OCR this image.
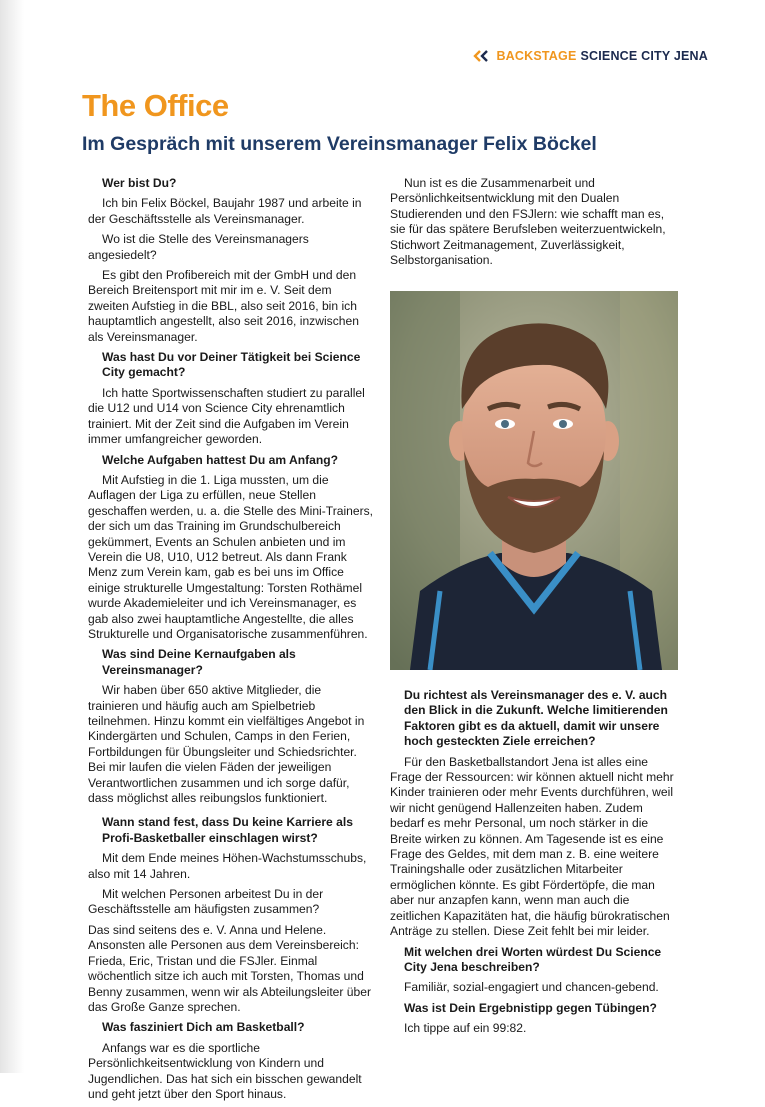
BACKSTAGE SCIENCE CITY JENA
The Office
Im Gespräch mit unserem Vereinsmanager Felix Böckel

Wer bist Du?

Ich bin Felix Böckel, Baujahr 1987 und arbeite in der Geschäftsstelle als Vereinsmanager.

Wo ist die Stelle des Vereinsmanagers angesiedelt?

Es gibt den Profibereich mit der GmbH und den Bereich Breitensport mit mir im e. V. Seit dem zweiten Aufstieg in die BBL, also seit 2016, bin ich hauptamtlich angestellt, also seit 2016, inzwischen als Vereinsmanager.

Was hast Du vor Deiner Tätigkeit bei Science City gemacht?

Ich hatte Sportwissenschaften studiert zu parallel die U12 und U14 von Science City ehrenamtlich trainiert. Mit der Zeit sind die Aufgaben im Verein immer umfangreicher geworden.

Welche Aufgaben hattest Du am Anfang?

Mit Aufstieg in die 1. Liga mussten, um die Auflagen der Liga zu erfüllen, neue Stellen geschaffen werden, u. a. die Stelle des Mini-Trainers, der sich um das Training im Grundschulbereich gekümmert, Events an Schulen anbieten und im Verein die U8, U10, U12 betreut. Als dann Frank Menz zum Verein kam, gab es bei uns im Office einige strukturelle Umgestaltung: Torsten Rothämel wurde Akademieleiter und ich Vereinsmanager, es gab also zwei hauptamtliche Angestellte, die alles Strukturelle und Organisatorische zusammenführen.

Was sind Deine Kernaufgaben als Vereinsmanager?

Wir haben über 650 aktive Mitglieder, die trainieren und häufig auch am Spielbetrieb teilnehmen. Hinzu kommt ein vielfältiges Angebot in Kindergärten und Schulen, Camps in den Ferien, Fortbildungen für Übungsleiter und Schiedsrichter. Bei mir laufen die vielen Fäden der jeweiligen Verantwortlichen zusammen und ich sorge dafür, dass möglichst alles reibungslos funktioniert.

Wann stand fest, dass Du keine Karriere als Profi-Basketballer einschlagen wirst?

Mit dem Ende meines Höhen-Wachstumsschubs, also mit 14 Jahren.

Mit welchen Personen arbeitest Du in der Geschäftsstelle am häufigsten zusammen?

Das sind seitens des e. V. Anna und Helene. Ansonsten alle Personen aus dem Vereinsbereich: Frieda, Eric, Tristan und die FSJler. Einmal wöchentlich sitze ich auch mit Torsten, Thomas und Benny zusammen, wenn wir als Abteilungsleiter über das Große Ganze sprechen.

Was fasziniert Dich am Basketball?

Anfangs war es die sportliche Persönlichkeitsentwicklung von Kindern und Jugendlichen. Das hat sich ein bisschen gewandelt und geht jetzt über den Sport hinaus.

Nun ist es die Zusammenarbeit und Persönlichkeitsentwicklung mit den Dualen Studierenden und den FSJlern: wie schafft man es, sie für das spätere Berufsleben weiterzuentwickeln, Stichwort Zeitmanagement, Zuverlässigkeit, Selbstorganisation.

Du richtest als Vereinsmanager des e. V. auch den Blick in die Zukunft. Welche limitierenden Faktoren gibt es da aktuell, damit wir unsere hoch gesteckten Ziele erreichen?

Für den Basketballstandort Jena ist alles eine Frage der Ressourcen: wir können aktuell nicht mehr Kinder trainieren oder mehr Events durchführen, weil wir nicht genügend Hallenzeiten haben. Zudem bedarf es mehr Personal, um noch stärker in die Breite wirken zu können. Am Tagesende ist es eine Frage des Geldes, mit dem man z. B. eine weitere Trainingshalle oder zusätzlichen Mitarbeiter ermöglichen könnte. Es gibt Fördertöpfe, die man aber nur anzapfen kann, wenn man auch die zeitlichen Kapazitäten hat, die häufig bürokratischen Anträge zu stellen. Diese Zeit fehlt bei mir leider.

Mit welchen drei Worten würdest Du Science City Jena beschreiben?

Familiär, sozial-engagiert und chancen-gebend.

Was ist Dein Ergebnistipp gegen Tübingen?

Ich tippe auf ein 99:82.
